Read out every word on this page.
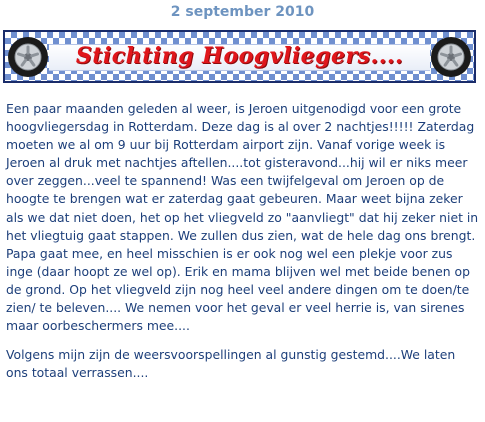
2 september 2010
Stichting Hoogvliegers....

Een paar maanden geleden al weer, is Jeroen uitgenodigd voor een grote hoogvliegersdag in Rotterdam. Deze dag is al over 2 nachtjes!!!!! Zaterdag moeten we al om 9 uur bij Rotterdam airport zijn. Vanaf vorige week is Jeroen al druk met nachtjes aftellen....tot gisteravond...hij wil er niks meer over zeggen...veel te spannend! Was een twijfelgeval om Jeroen op de hoogte te brengen wat er zaterdag gaat gebeuren. Maar weet bijna zeker als we dat niet doen, het op het vliegveld zo "aanvliegt" dat hij zeker niet in het vliegtuig gaat stappen. We zullen dus zien, wat de hele dag ons brengt. Papa gaat mee, en heel misschien is er ook nog wel een plekje voor zus inge (daar hoopt ze wel op). Erik en mama blijven wel met beide benen op de grond. Op het vliegveld zijn nog heel veel andere dingen om te doen/te zien/ te beleven.... We nemen voor het geval er veel herrie is, van sirenes maar oorbeschermers mee....

Volgens mijn zijn de weersvoorspellingen al gunstig gestemd....We laten ons totaal verrassen....
